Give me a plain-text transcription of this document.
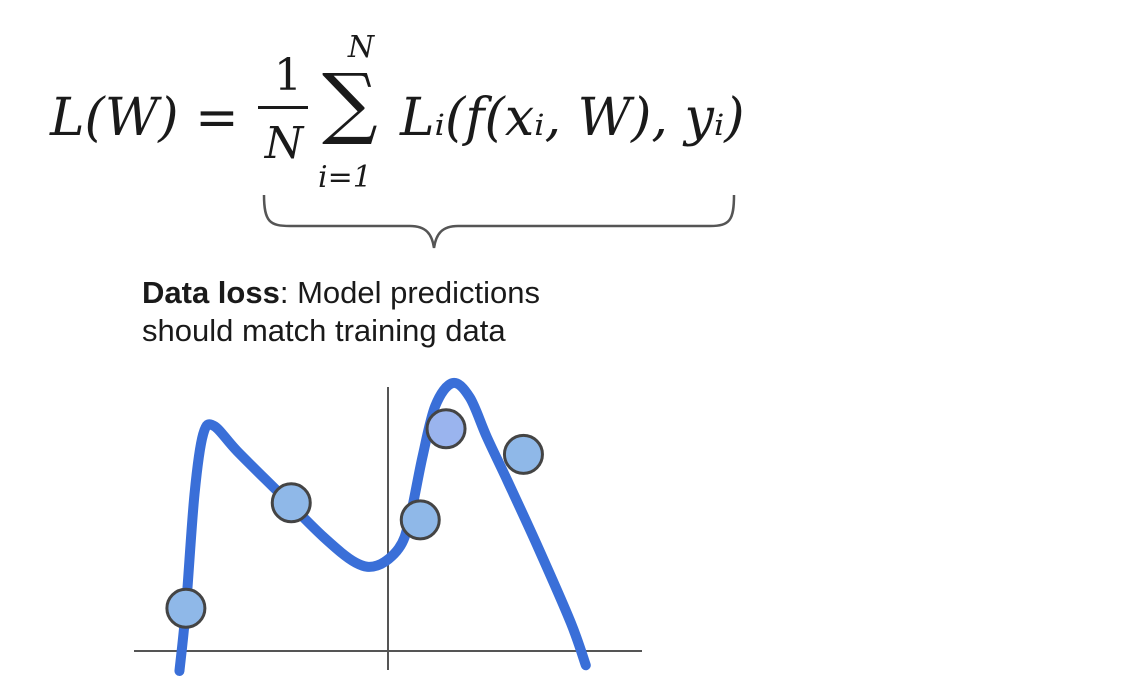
L(W) =
1
N
N
∑
i=1
Lᵢ(f(xᵢ, W), yᵢ)
Data loss: Model predictions
should match training data
